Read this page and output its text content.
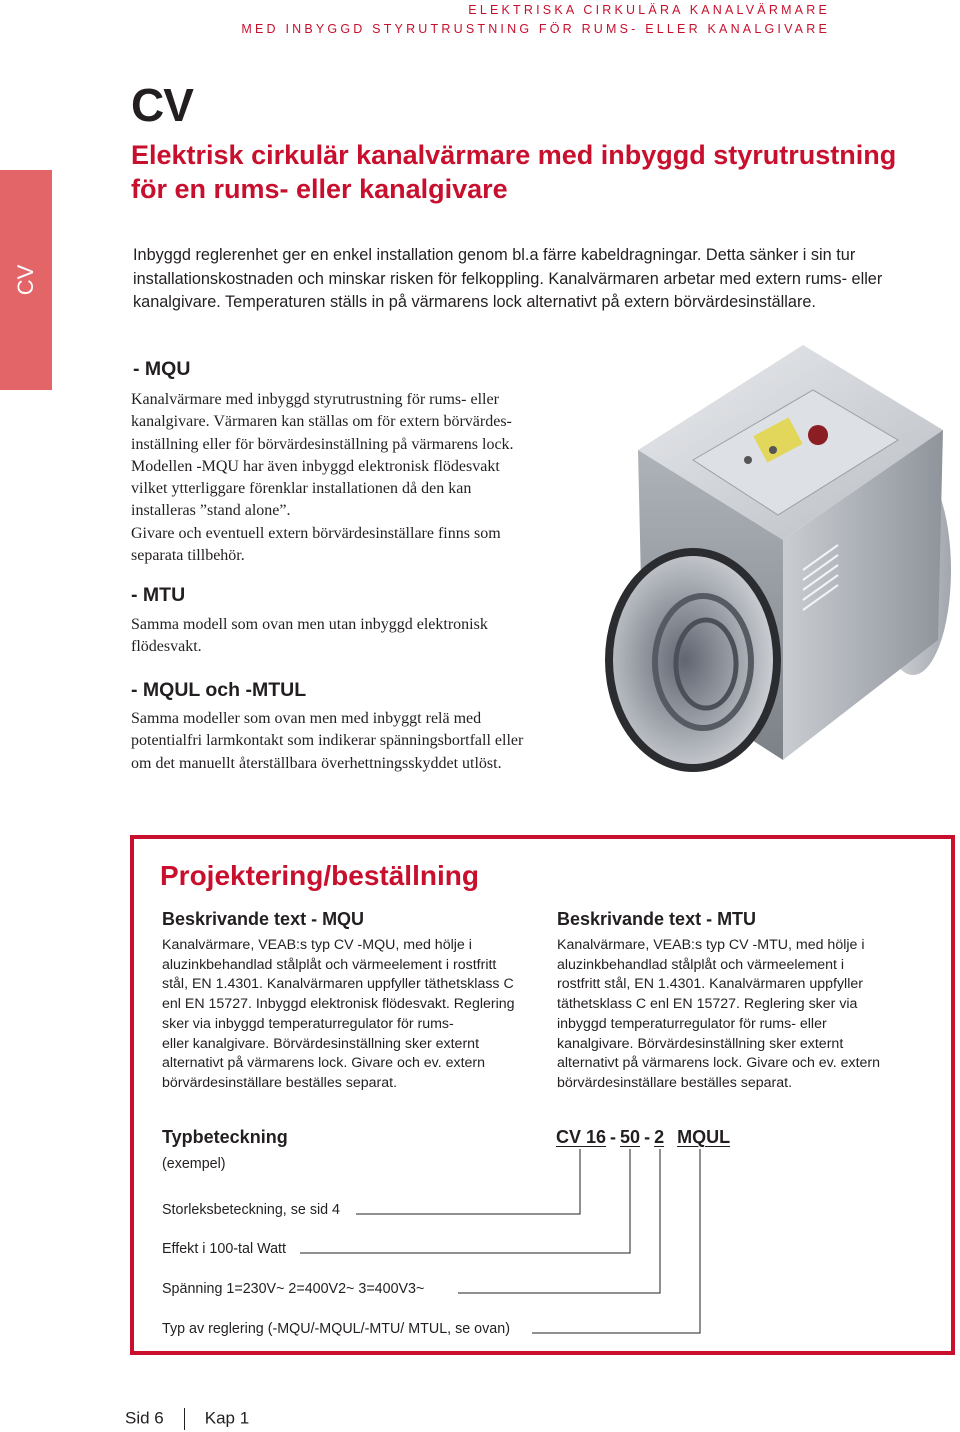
ELEKTRISKA CIRKULÄRA KANALVÄRMARE
MED INBYGGD STYRUTRUSTNING FÖR RUMS- ELLER KANALGIVARE
CV
CV
Elektrisk cirkulär kanalvärmare med inbyggd styrutrustning för en rums- eller kanalgivare
Inbyggd reglerenhet ger en enkel installation genom bl.a färre kabeldragningar. Detta sänker i sin tur installationskostnaden och minskar risken för felkoppling. Kanalvärmaren arbetar med extern rums- eller kanalgivare. Temperaturen ställs in på värmarens lock alternativt på extern börvärdesinställare.
- MQU
Kanalvärmare med inbyggd styrutrustning för rums- eller
kanalgivare. Värmaren kan ställas om för extern börvärdes-
inställning eller för börvärdesinställning på värmarens lock.
Modellen -MQU har även inbyggd elektronisk flödesvakt
vilket ytterliggare förenklar installationen då den kan
installeras ”stand alone”.
Givare och eventuell extern börvärdesinställare finns som
separata tillbehör.
- MTU
Samma modell som ovan men utan inbyggd elektronisk
flödesvakt.
- MQUL och -MTUL
Samma modeller som ovan men med inbyggt relä med
potentialfri larmkontakt som indikerar spänningsbortfall eller
om det manuellt återställbara överhettningsskyddet utlöst.
Projektering/beställning
Beskrivande text - MQU
Kanalvärmare, VEAB:s typ CV -MQU, med hölje i
aluzinkbehandlad stålplåt och värmeelement i rostfritt
stål, EN 1.4301. Kanalvärmaren uppfyller täthetsklass C
enl EN 15727. Inbyggd elektronisk flödesvakt. Reglering
sker via inbyggd temperaturregulator för rums-
eller kanalgivare. Börvärdesinställning sker externt
alternativt på värmarens lock. Givare och ev. extern
börvärdesinställare beställes separat.
Beskrivande text - MTU
Kanalvärmare, VEAB:s typ CV -MTU, med hölje i
aluzinkbehandlad stålplåt och värmeelement i
rostfritt stål, EN 1.4301. Kanalvärmaren uppfyller
täthetsklass C enl EN 15727. Reglering sker via
inbyggd temperaturregulator för rums- eller
kanalgivare. Börvärdesinställning sker externt
alternativt på värmarens lock. Givare och ev. extern
börvärdesinställare beställes separat.
Typbeteckning
(exempel)
CV 16 - 50 - 2 MQUL
Storleksbeteckning, se sid 4
Effekt i 100-tal Watt
Spänning 1=230V~ 2=400V2~ 3=400V3~
Typ av reglering (-MQU/-MQUL/-MTU/ MTUL, se ovan)
Sid 6 Kap 1
